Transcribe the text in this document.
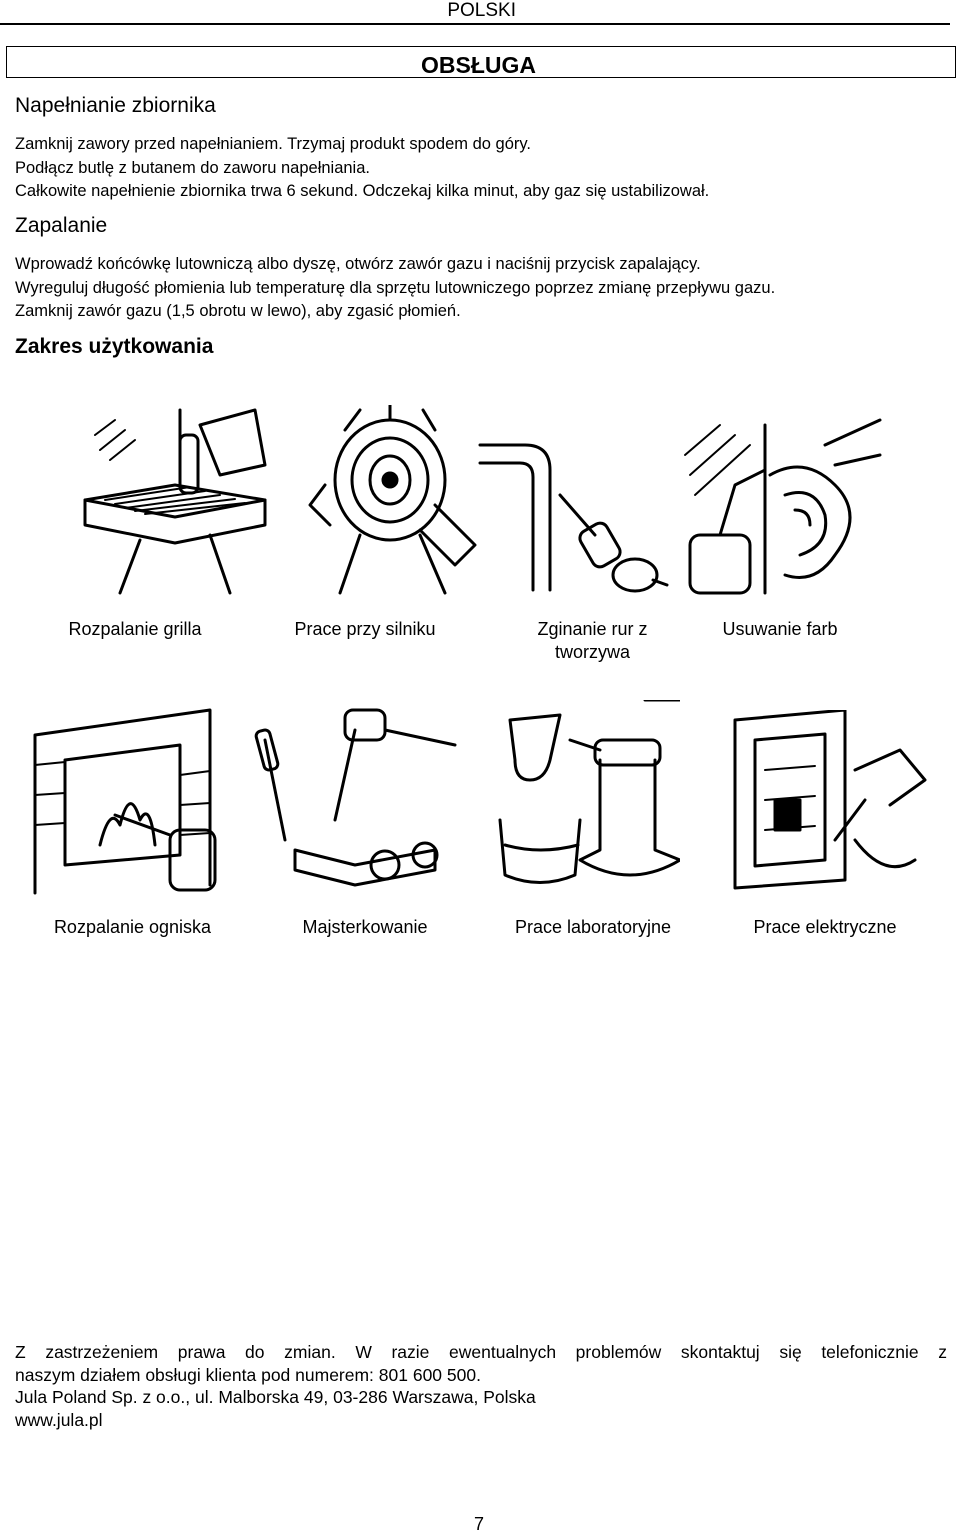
POLSKI
OBSŁUGA
Napełnianie zbiornika
Zamknij zawory przed napełnianiem. Trzymaj produkt spodem do góry.
Podłącz butlę z butanem do zaworu napełniania.
Całkowite napełnienie zbiornika trwa 6 sekund. Odczekaj kilka minut, aby gaz się ustabilizował.
Zapalanie
Wprowadź końcówkę lutowniczą albo dyszę, otwórz zawór gazu i naciśnij przycisk zapalający.
Wyreguluj długość płomienia lub temperaturę dla sprzętu lutowniczego poprzez zmianę przepływu gazu.
Zamknij zawór gazu (1,5 obrotu w lewo), aby zgasić płomień.
Zakres użytkowania
Rozpalanie grilla	Prace przy silniku	Zginanie rur z tworzywa
Usuwanie farb
Rozpalanie ogniska	Majsterkowanie	Prace laboratoryjne	Prace elektryczne
Z zastrzeżeniem prawa do zmian. W razie ewentualnych problemów skontaktuj się telefonicznie z
naszym działem obsługi klienta pod numerem: 801 600 500.
Jula Poland Sp. z o.o., ul. Malborska 49, 03-286 Warszawa, Polska
www.jula.pl
7
